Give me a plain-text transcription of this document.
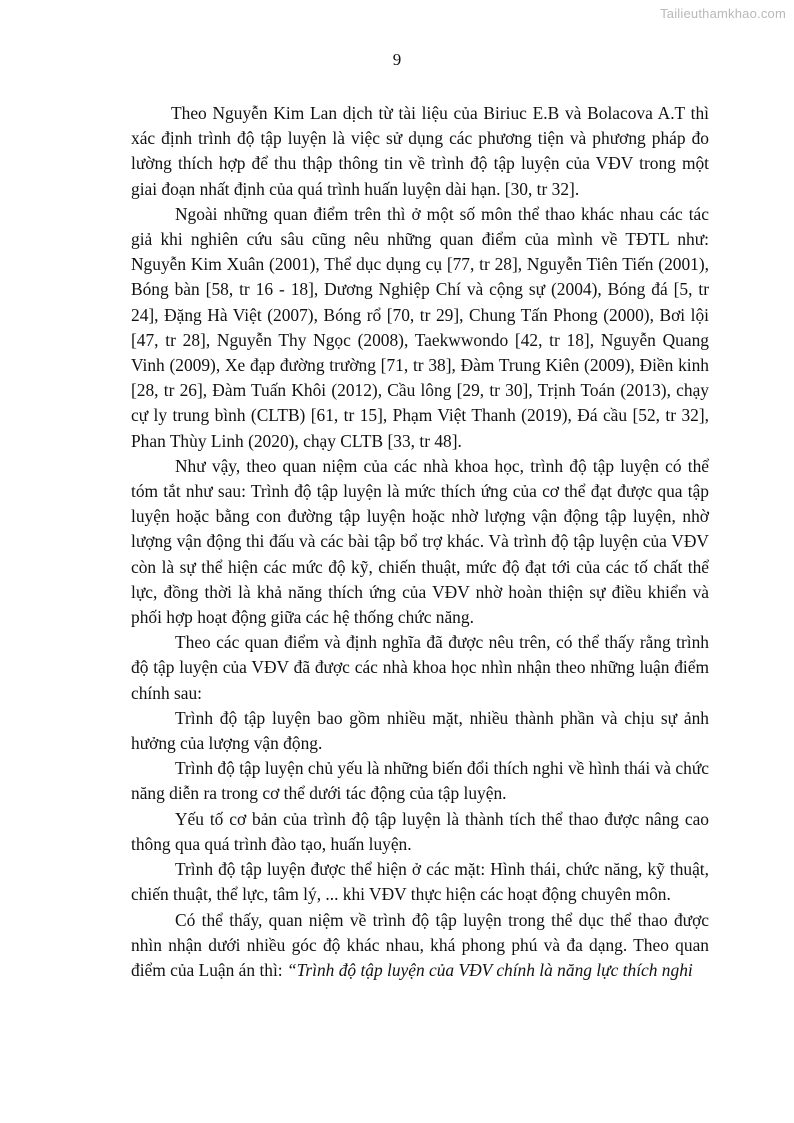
Tailieuthamkhao.com
9

Theo Nguyễn Kim Lan dịch từ tài liệu của Biriuc E.B và Bolacova A.T thì xác định trình độ tập luyện là việc sử dụng các phương tiện và phương pháp đo lường thích hợp để thu thập thông tin về trình độ tập luyện của VĐV trong một giai đoạn nhất định của quá trình huấn luyện dài hạn. [30, tr 32].

Ngoài những quan điểm trên thì ở một số môn thể thao khác nhau các tác giả khi nghiên cứu sâu cũng nêu những quan điểm của mình về TĐTL như: Nguyễn Kim Xuân (2001), Thể dục dụng cụ [77, tr 28], Nguyễn Tiên Tiến (2001), Bóng bàn [58, tr 16 - 18], Dương Nghiệp Chí và cộng sự (2004), Bóng đá [5, tr 24], Đặng Hà Việt (2007), Bóng rổ [70, tr 29], Chung Tấn Phong (2000), Bơi lội [47, tr 28], Nguyễn Thy Ngọc (2008), Taekwwondo [42, tr 18], Nguyễn Quang Vinh (2009), Xe đạp đường trường [71, tr 38], Đàm Trung Kiên (2009), Điền kinh [28, tr 26], Đàm Tuấn Khôi (2012), Cầu lông [29, tr 30], Trịnh Toán (2013), chạy cự ly trung bình (CLTB) [61, tr 15], Phạm Việt Thanh (2019), Đá cầu [52, tr 32], Phan Thùy Linh (2020), chạy CLTB [33, tr 48].

Như vậy, theo quan niệm của các nhà khoa học, trình độ tập luyện có thể tóm tắt như sau: Trình độ tập luyện là mức thích ứng của cơ thể đạt được qua tập luyện hoặc bằng con đường tập luyện hoặc nhờ lượng vận động tập luyện, nhờ lượng vận động thi đấu và các bài tập bổ trợ khác. Và trình độ tập luyện của VĐV còn là sự thể hiện các mức độ kỹ, chiến thuật, mức độ đạt tới của các tố chất thể lực, đồng thời là khả năng thích ứng của VĐV nhờ hoàn thiện sự điều khiển và phối hợp hoạt động giữa các hệ thống chức năng.

Theo các quan điểm và định nghĩa đã được nêu trên, có thể thấy rằng trình độ tập luyện của VĐV đã được các nhà khoa học nhìn nhận theo những luận điểm chính sau:

Trình độ tập luyện bao gồm nhiều mặt, nhiều thành phần và chịu sự ảnh hưởng của lượng vận động.

Trình độ tập luyện chủ yếu là những biến đổi thích nghi về hình thái và chức năng diễn ra trong cơ thể dưới tác động của tập luyện.

Yếu tố cơ bản của trình độ tập luyện là thành tích thể thao được nâng cao thông qua quá trình đào tạo, huấn luyện.

Trình độ tập luyện được thể hiện ở các mặt: Hình thái, chức năng, kỹ thuật, chiến thuật, thể lực, tâm lý, ... khi VĐV thực hiện các hoạt động chuyên môn.

Có thể thấy, quan niệm về trình độ tập luyện trong thể dục thể thao được nhìn nhận dưới nhiều góc độ khác nhau, khá phong phú và đa dạng. Theo quan điểm của Luận án thì: “Trình độ tập luyện của VĐV chính là năng lực thích nghi
